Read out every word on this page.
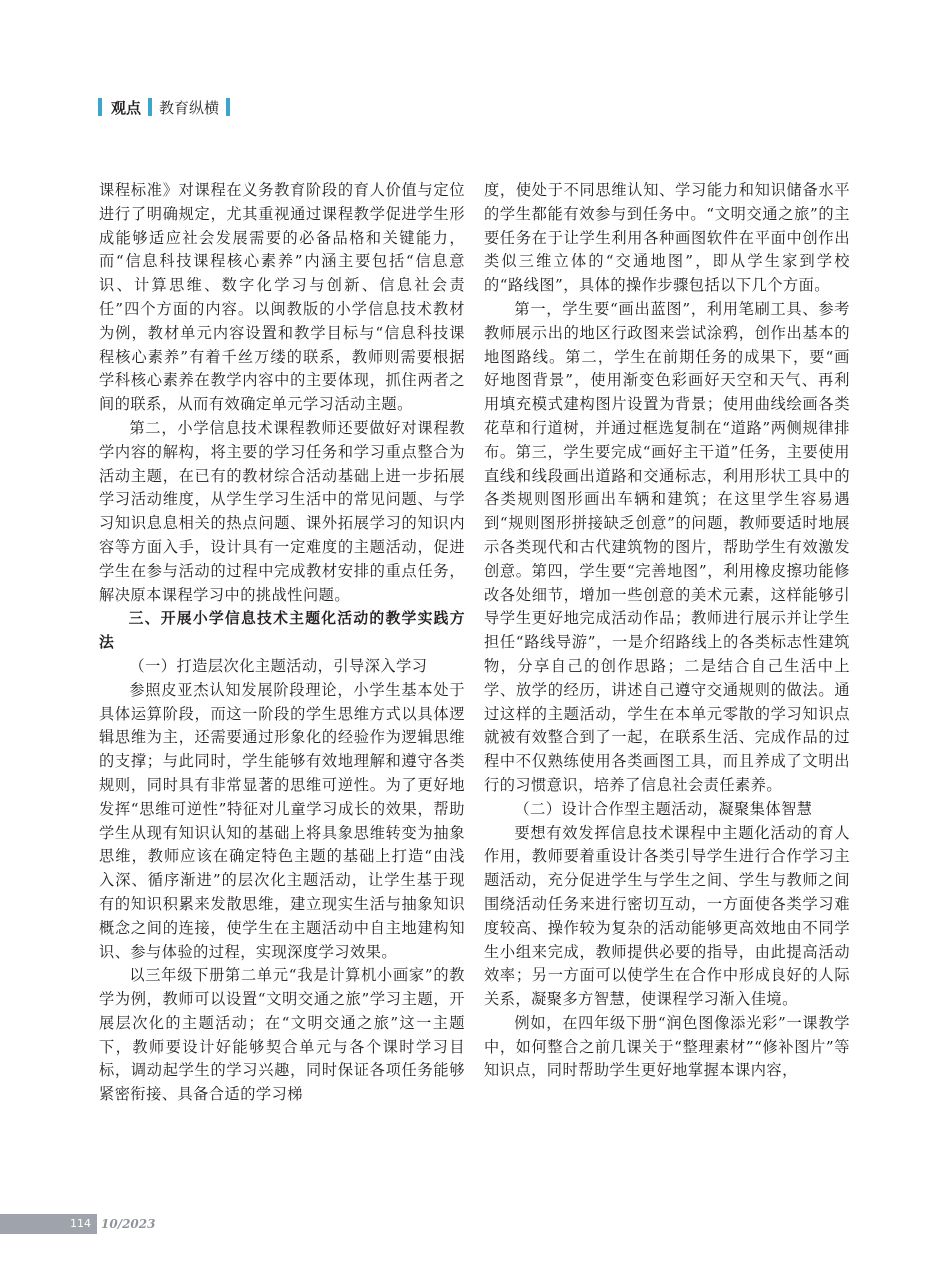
观点 教育纵横

课程标准》对课程在义务教育阶段的育人价值与定位进行了明确规定，尤其重视通过课程教学促进学生形成能够适应社会发展需要的必备品格和关键能力，而“信息科技课程核心素养”内涵主要包括“信息意识、计算思维、数字化学习与创新、信息社会责任”四个方面的内容。以闽教版的小学信息技术教材为例，教材单元内容设置和教学目标与“信息科技课程核心素养”有着千丝万缕的联系，教师则需要根据学科核心素养在教学内容中的主要体现，抓住两者之间的联系，从而有效确定单元学习活动主题。

第二，小学信息技术课程教师还要做好对课程教学内容的解构，将主要的学习任务和学习重点整合为活动主题，在已有的教材综合活动基础上进一步拓展学习活动维度，从学生学习生活中的常见问题、与学习知识息息相关的热点问题、课外拓展学习的知识内容等方面入手，设计具有一定难度的主题活动，促进学生在参与活动的过程中完成教材安排的重点任务，解决原本课程学习中的挑战性问题。

三、开展小学信息技术主题化活动的教学实践方法

（一）打造层次化主题活动，引导深入学习

参照皮亚杰认知发展阶段理论，小学生基本处于具体运算阶段，而这一阶段的学生思维方式以具体逻辑思维为主，还需要通过形象化的经验作为逻辑思维的支撑；与此同时，学生能够有效地理解和遵守各类规则，同时具有非常显著的思维可逆性。为了更好地发挥“思维可逆性”特征对儿童学习成长的效果，帮助学生从现有知识认知的基础上将具象思维转变为抽象思维，教师应该在确定特色主题的基础上打造“由浅入深、循序渐进”的层次化主题活动，让学生基于现有的知识积累来发散思维，建立现实生活与抽象知识概念之间的连接，使学生在主题活动中自主地建构知识、参与体验的过程，实现深度学习效果。

以三年级下册第二单元“我是计算机小画家”的教学为例，教师可以设置“文明交通之旅”学习主题，开展层次化的主题活动；在“文明交通之旅”这一主题下，教师要设计好能够契合单元与各个课时学习目标，调动起学生的学习兴趣，同时保证各项任务能够紧密衔接、具备合适的学习梯

度，使处于不同思维认知、学习能力和知识储备水平的学生都能有效参与到任务中。“文明交通之旅”的主要任务在于让学生利用各种画图软件在平面中创作出类似三维立体的“交通地图”，即从学生家到学校的“路线图”，具体的操作步骤包括以下几个方面。

第一，学生要“画出蓝图”，利用笔刷工具、参考教师展示出的地区行政图来尝试涂鸦，创作出基本的地图路线。第二，学生在前期任务的成果下，要“画好地图背景”，使用渐变色彩画好天空和天气、再利用填充模式建构图片设置为背景；使用曲线绘画各类花草和行道树，并通过框选复制在“道路”两侧规律排布。第三，学生要完成“画好主干道”任务，主要使用直线和线段画出道路和交通标志，利用形状工具中的各类规则图形画出车辆和建筑；在这里学生容易遇到“规则图形拼接缺乏创意”的问题，教师要适时地展示各类现代和古代建筑物的图片，帮助学生有效激发创意。第四，学生要“完善地图”，利用橡皮擦功能修改各处细节，增加一些创意的美术元素，这样能够引导学生更好地完成活动作品；教师进行展示并让学生担任“路线导游”，一是介绍路线上的各类标志性建筑物，分享自己的创作思路；二是结合自己生活中上学、放学的经历，讲述自己遵守交通规则的做法。通过这样的主题活动，学生在本单元零散的学习知识点就被有效整合到了一起，在联系生活、完成作品的过程中不仅熟练使用各类画图工具，而且养成了文明出行的习惯意识，培养了信息社会责任素养。

（二）设计合作型主题活动，凝聚集体智慧

要想有效发挥信息技术课程中主题化活动的育人作用，教师要着重设计各类引导学生进行合作学习主题活动，充分促进学生与学生之间、学生与教师之间围绕活动任务来进行密切互动，一方面使各类学习难度较高、操作较为复杂的活动能够更高效地由不同学生小组来完成，教师提供必要的指导，由此提高活动效率；另一方面可以使学生在合作中形成良好的人际关系，凝聚多方智慧，使课程学习渐入佳境。

例如，在四年级下册“润色图像添光彩”一课教学中，如何整合之前几课关于“整理素材”“修补图片”等知识点，同时帮助学生更好地掌握本课内容，

114 10/2023
